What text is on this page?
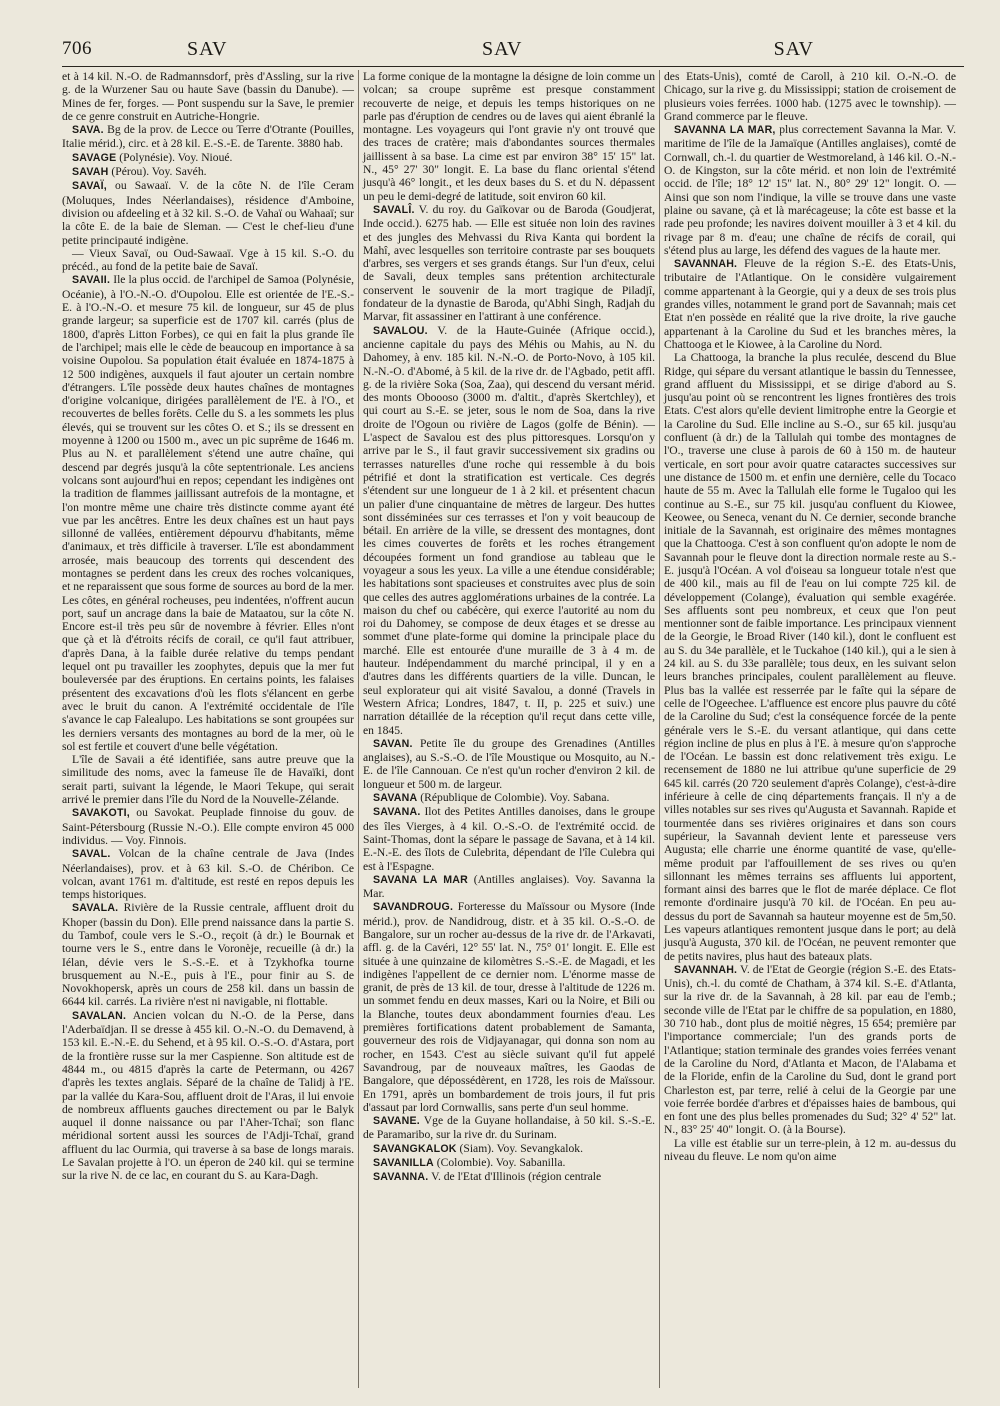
706	SAV	SAV	SAV

et à 14 kil. N.-O. de Radmannsdorf, près d'Assling, sur la rive g. de la Wurzener Sau ou haute Save (bassin du Danube). — Mines de fer, forges. — Pont suspendu sur la Save, le premier de ce genre construit en Autriche-Hongrie.

SAVA. Bg de la prov. de Lecce ou Terre d'Otrante (Pouilles, Italie mérid.), circ. et à 28 kil. E.-S.-E. de Tarente. 3880 hab.

SAVAGE (Polynésie). Voy. Nioué.

SAVAH (Pérou). Voy. Savéh.

SAVAÏ, ou Sawaaï. V. de la côte N. de l'île Ceram (Moluques, Indes Néerlandaises), résidence d'Amboine, division ou afdeeling et à 32 kil. S.-O. de Vahaï ou Wahaaï; sur la côte E. de la baie de Sleman. — C'est le chef-lieu d'une petite principauté indigène.

— Vieux Savaï, ou Oud-Sawaaï. Vge à 15 kil. S.-O. du précéd., au fond de la petite baie de Savaï.

SAVAII. Ile la plus occid. de l'archipel de Samoa (Polynésie, Océanie), à l'O.-N.-O. d'Oupolou. Elle est orientée de l'E.-S.-E. à l'O.-N.-O. et mesure 75 kil. de longueur, sur 45 de plus grande largeur; sa superficie est de 1707 kil. carrés (plus de 1800, d'après Litton Forbes), ce qui en fait la plus grande île de l'archipel; mais elle le cède de beaucoup en importance à sa voisine Oupolou. Sa population était évaluée en 1874-1875 à 12 500 indigènes, auxquels il faut ajouter un certain nombre d'étrangers. L'île possède deux hautes chaînes de montagnes d'origine volcanique, dirigées parallèlement de l'E. à l'O., et recouvertes de belles forêts. Celle du S. a les sommets les plus élevés, qui se trouvent sur les côtes O. et S.; ils se dressent en moyenne à 1200 ou 1500 m., avec un pic suprême de 1646 m. Plus au N. et parallèlement s'étend une autre chaîne, qui descend par degrés jusqu'à la côte septentrionale. Les anciens volcans sont aujourd'hui en repos; cependant les indigènes ont la tradition de flammes jaillissant autrefois de la montagne, et l'on montre même une chaire très distincte comme ayant été vue par les ancêtres. Entre les deux chaînes est un haut pays sillonné de vallées, entièrement dépourvu d'habitants, même d'animaux, et très difficile à traverser. L'île est abondamment arrosée, mais beaucoup des torrents qui descendent des montagnes se perdent dans les creux des roches volcaniques, et ne reparaissent que sous forme de sources au bord de la mer. Les côtes, en général rocheuses, peu indentées, n'offrent aucun port, sauf un ancrage dans la baie de Mataatou, sur la côte N. Encore est-il très peu sûr de novembre à février. Elles n'ont que çà et là d'étroits récifs de corail, ce qu'il faut attribuer, d'après Dana, à la faible durée relative du temps pendant lequel ont pu travailler les zoophytes, depuis que la mer fut bouleversée par des éruptions. En certains points, les falaises présentent des excavations d'où les flots s'élancent en gerbe avec le bruit du canon. A l'extrémité occidentale de l'île s'avance le cap Falealupo. Les habitations se sont groupées sur les derniers versants des montagnes au bord de la mer, où le sol est fertile et couvert d'une belle végétation.

L'île de Savaii a été identifiée, sans autre preuve que la similitude des noms, avec la fameuse île de Havaïki, dont serait parti, suivant la légende, le Maori Tekupe, qui serait arrivé le premier dans l'île du Nord de la Nouvelle-Zélande.

SAVAKOTI, ou Savokat. Peuplade finnoise du gouv. de Saint-Pétersbourg (Russie N.-O.). Elle compte environ 45 000 individus. — Voy. Finnois.

SAVAL. Volcan de la chaîne centrale de Java (Indes Néerlandaises), prov. et à 63 kil. S.-O. de Chéribon. Ce volcan, avant 1761 m. d'altitude, est resté en repos depuis les temps historiques.

SAVALA. Rivière de la Russie centrale, affluent droit du Khoper (bassin du Don). Elle prend naissance dans la partie S. du Tambof, coule vers le S.-O., reçoit (à dr.) le Bournak et tourne vers le S., entre dans le Voronèje, recueille (à dr.) la Iélan, dévie vers le S.-S.-E. et à Tzykhofka tourne brusquement au N.-E., puis à l'E., pour finir au S. de Novokhopersk, après un cours de 258 kil. dans un bassin de 6644 kil. carrés. La rivière n'est ni navigable, ni flottable.

SAVALAN. Ancien volcan du N.-O. de la Perse, dans l'Aderbaïdjan. Il se dresse à 455 kil. O.-N.-O. du Demavend, à 153 kil. E.-N.-E. du Sehend, et à 95 kil. O.-S.-O. d'Astara, port de la frontière russe sur la mer Caspienne. Son altitude est de 4844 m., ou 4815 d'après la carte de Petermann, ou 4267 d'après les textes anglais. Séparé de la chaîne de Talidj à l'E. par la vallée du Kara-Sou, affluent droit de l'Aras, il lui envoie de nombreux affluents gauches directement ou par le Balyk auquel il donne naissance ou par l'Aher-Tchaï; son flanc méridional sortent aussi les sources de l'Adji-Tchaï, grand affluent du lac Ourmia, qui traverse à sa base de longs marais. Le Savalan projette à l'O. un éperon de 240 kil. qui se termine sur la rive N. de ce lac, en courant du S. au Kara-Dagh.

La forme conique de la montagne la désigne de loin comme un volcan; sa croupe suprême est presque constamment recouverte de neige, et depuis les temps historiques on ne parle pas d'éruption de cendres ou de laves qui aient ébranlé la montagne. Les voyageurs qui l'ont gravie n'y ont trouvé que des traces de cratère; mais d'abondantes sources thermales jaillissent à sa base. La cime est par environ 38° 15' 15" lat. N., 45° 27' 30" longit. E. La base du flanc oriental s'étend jusqu'à 46° longit., et les deux bases du S. et du N. dépassent un peu le demi-degré de latitude, soit environ 60 kil.

SAVALÎ. V. du roy. du Gaïkovar ou de Baroda (Goudjerat, Inde occid.). 6275 hab. — Elle est située non loin des ravines et des jungles des Mehvassi du Riva Kanta qui bordent la Mahî, avec lesquelles son territoire contraste par ses bouquets d'arbres, ses vergers et ses grands étangs. Sur l'un d'eux, celui de Savali, deux temples sans prétention architecturale conservent le souvenir de la mort tragique de Piladjî, fondateur de la dynastie de Baroda, qu'Abhi Singh, Radjah du Marvar, fit assassiner en l'attirant à une conférence.

SAVALOU. V. de la Haute-Guinée (Afrique occid.), ancienne capitale du pays des Méhis ou Mahis, au N. du Dahomey, à env. 185 kil. N.-N.-O. de Porto-Novo, à 105 kil. N.-N.-O. d'Abomé, à 5 kil. de la rive dr. de l'Agbado, petit affl. g. de la rivière Soka (Soa, Zaa), qui descend du versant mérid. des monts Oboooso (3000 m. d'altit., d'après Skertchley), et qui court au S.-E. se jeter, sous le nom de Soa, dans la rive droite de l'Ogoun ou rivière de Lagos (golfe de Bénin). — L'aspect de Savalou est des plus pittoresques. Lorsqu'on y arrive par le S., il faut gravir successivement six gradins ou terrasses naturelles d'une roche qui ressemble à du bois pétrifié et dont la stratification est verticale. Ces degrés s'étendent sur une longueur de 1 à 2 kil. et présentent chacun un palier d'une cinquantaine de mètres de largeur. Des huttes sont disséminées sur ces terrasses et l'on y voit beaucoup de bétail. En arrière de la ville, se dressent des montagnes, dont les cimes couvertes de forêts et les roches étrangement découpées forment un fond grandiose au tableau que le voyageur a sous les yeux. La ville a une étendue considérable; les habitations sont spacieuses et construites avec plus de soin que celles des autres agglomérations urbaines de la contrée. La maison du chef ou cabécère, qui exerce l'autorité au nom du roi du Dahomey, se compose de deux étages et se dresse au sommet d'une plate-forme qui domine la principale place du marché. Elle est entourée d'une muraille de 3 à 4 m. de hauteur. Indépendamment du marché principal, il y en a d'autres dans les différents quartiers de la ville. Duncan, le seul explorateur qui ait visité Savalou, a donné (Travels in Western Africa; Londres, 1847, t. II, p. 225 et suiv.) une narration détaillée de la réception qu'il reçut dans cette ville, en 1845.

SAVAN. Petite île du groupe des Grenadines (Antilles anglaises), au S.-S.-O. de l'île Moustique ou Mosquito, au N.-E. de l'île Cannouan. Ce n'est qu'un rocher d'environ 2 kil. de longueur et 500 m. de largeur.

SAVANA (République de Colombie). Voy. Sabana.

SAVANA. Ilot des Petites Antilles danoises, dans le groupe des îles Vierges, à 4 kil. O.-S.-O. de l'extrémité occid. de Saint-Thomas, dont la sépare le passage de Savana, et à 14 kil. E.-N.-E. des îlots de Culebrita, dépendant de l'île Culebra qui est à l'Espagne.

SAVANA LA MAR (Antilles anglaises). Voy. Savanna la Mar.

SAVANDROUG. Forteresse du Maïssour ou Mysore (Inde mérid.), prov. de Nandidroug, distr. et à 35 kil. O.-S.-O. de Bangalore, sur un rocher au-dessus de la rive dr. de l'Arkavati, affl. g. de la Cavéri, 12° 55' lat. N., 75° 01' longit. E. Elle est située à une quinzaine de kilomètres S.-S.-E. de Magadi, et les indigènes l'appellent de ce dernier nom. L'énorme masse de granit, de près de 13 kil. de tour, dresse à l'altitude de 1226 m. un sommet fendu en deux masses, Kari ou la Noire, et Bili ou la Blanche, toutes deux abondamment fournies d'eau. Les premières fortifications datent probablement de Samanta, gouverneur des rois de Vidjayanagar, qui donna son nom au rocher, en 1543. C'est au siècle suivant qu'il fut appelé Savandroug, par de nouveaux maîtres, les Gaodas de Bangalore, que dépossédèrent, en 1728, les rois de Maïssour. En 1791, après un bombardement de trois jours, il fut pris d'assaut par lord Cornwallis, sans perte d'un seul homme.

SAVANE. Vge de la Guyane hollandaise, à 50 kil. S.-S.-E. de Paramaribo, sur la rive dr. du Surinam.

SAVANGKALOK (Siam). Voy. Sevangkalok.

SAVANILLA (Colombie). Voy. Sabanilla.

SAVANNA. V. de l'Etat d'Illinois (région centrale

des Etats-Unis), comté de Caroll, à 210 kil. O.-N.-O. de Chicago, sur la rive g. du Mississippi; station de croisement de plusieurs voies ferrées. 1000 hab. (1275 avec le township). — Grand commerce par le fleuve.

SAVANNA LA MAR, plus correctement Savanna la Mar. V. maritime de l'île de la Jamaïque (Antilles anglaises), comté de Cornwall, ch.-l. du quartier de Westmoreland, à 146 kil. O.-N.-O. de Kingston, sur la côte mérid. et non loin de l'extrémité occid. de l'île; 18° 12' 15" lat. N., 80° 29' 12" longit. O. — Ainsi que son nom l'indique, la ville se trouve dans une vaste plaine ou savane, çà et là marécageuse; la côte est basse et la rade peu profonde; les navires doivent mouiller à 3 et 4 kil. du rivage par 8 m. d'eau; une chaîne de récifs de corail, qui s'étend plus au large, les défend des vagues de la haute mer.

SAVANNAH. Fleuve de la région S.-E. des Etats-Unis, tributaire de l'Atlantique. On le considère vulgairement comme appartenant à la Georgie, qui y a deux de ses trois plus grandes villes, notamment le grand port de Savannah; mais cet Etat n'en possède en réalité que la rive droite, la rive gauche appartenant à la Caroline du Sud et les branches mères, la Chattooga et le Kiowee, à la Caroline du Nord.

La Chattooga, la branche la plus reculée, descend du Blue Ridge, qui sépare du versant atlantique le bassin du Tennessee, grand affluent du Mississippi, et se dirige d'abord au S. jusqu'au point où se rencontrent les lignes frontières des trois Etats. C'est alors qu'elle devient limitrophe entre la Georgie et la Caroline du Sud. Elle incline au S.-O., sur 65 kil. jusqu'au confluent (à dr.) de la Tallulah qui tombe des montagnes de l'O., traverse une cluse à parois de 60 à 150 m. de hauteur verticale, en sort pour avoir quatre cataractes successives sur une distance de 1500 m. et enfin une dernière, celle du Tocaco haute de 55 m. Avec la Tallulah elle forme le Tugaloo qui les continue au S.-E., sur 75 kil. jusqu'au confluent du Kiowee, Keowee, ou Seneca, venant du N. Ce dernier, seconde branche initiale de la Savannah, est originaire des mêmes montagnes que la Chattooga. C'est à son confluent qu'on adopte le nom de Savannah pour le fleuve dont la direction normale reste au S.-E. jusqu'à l'Océan. A vol d'oiseau sa longueur totale n'est que de 400 kil., mais au fil de l'eau on lui compte 725 kil. de développement (Colange), évaluation qui semble exagérée. Ses affluents sont peu nombreux, et ceux que l'on peut mentionner sont de faible importance. Les principaux viennent de la Georgie, le Broad River (140 kil.), dont le confluent est au S. du 34e parallèle, et le Tuckahoe (140 kil.), qui a le sien à 24 kil. au S. du 33e parallèle; tous deux, en les suivant selon leurs branches principales, coulent parallèlement au fleuve. Plus bas la vallée est resserrée par le faîte qui la sépare de celle de l'Ogeechee. L'affluence est encore plus pauvre du côté de la Caroline du Sud; c'est la conséquence forcée de la pente générale vers le S.-E. du versant atlantique, qui dans cette région incline de plus en plus à l'E. à mesure qu'on s'approche de l'Océan. Le bassin est donc relativement très exigu. Le recensement de 1880 ne lui attribue qu'une superficie de 29 645 kil. carrés (20 720 seulement d'après Colange), c'est-à-dire inférieure à celle de cinq départements français. Il n'y a de villes notables sur ses rives qu'Augusta et Savannah. Rapide et tourmentée dans ses rivières originaires et dans son cours supérieur, la Savannah devient lente et paresseuse vers Augusta; elle charrie une énorme quantité de vase, qu'elle-même produit par l'affouillement de ses rives ou qu'en sillonnant les mêmes terrains ses affluents lui apportent, formant ainsi des barres que le flot de marée déplace. Ce flot remonte d'ordinaire jusqu'à 70 kil. de l'Océan. En peu au-dessus du port de Savannah sa hauteur moyenne est de 5m,50. Les vapeurs atlantiques remontent jusque dans le port; au delà jusqu'à Augusta, 370 kil. de l'Océan, ne peuvent remonter que de petits navires, plus haut des bateaux plats.

SAVANNAH. V. de l'Etat de Georgie (région S.-E. des Etats-Unis), ch.-l. du comté de Chatham, à 374 kil. S.-E. d'Atlanta, sur la rive dr. de la Savannah, à 28 kil. par eau de l'emb.; seconde ville de l'Etat par le chiffre de sa population, en 1880, 30 710 hab., dont plus de moitié nègres, 15 654; première par l'importance commerciale; l'un des grands ports de l'Atlantique; station terminale des grandes voies ferrées venant de la Caroline du Nord, d'Atlanta et Macon, de l'Alabama et de la Floride, enfin de la Caroline du Sud, dont le grand port Charleston est, par terre, relié à celui de la Georgie par une voie ferrée bordée d'arbres et d'épaisses haies de bambous, qui en font une des plus belles promenades du Sud; 32° 4' 52" lat. N., 83° 25' 40" longit. O. (à la Bourse).

La ville est établie sur un terre-plein, à 12 m. au-dessus du niveau du fleuve. Le nom qu'on aime
